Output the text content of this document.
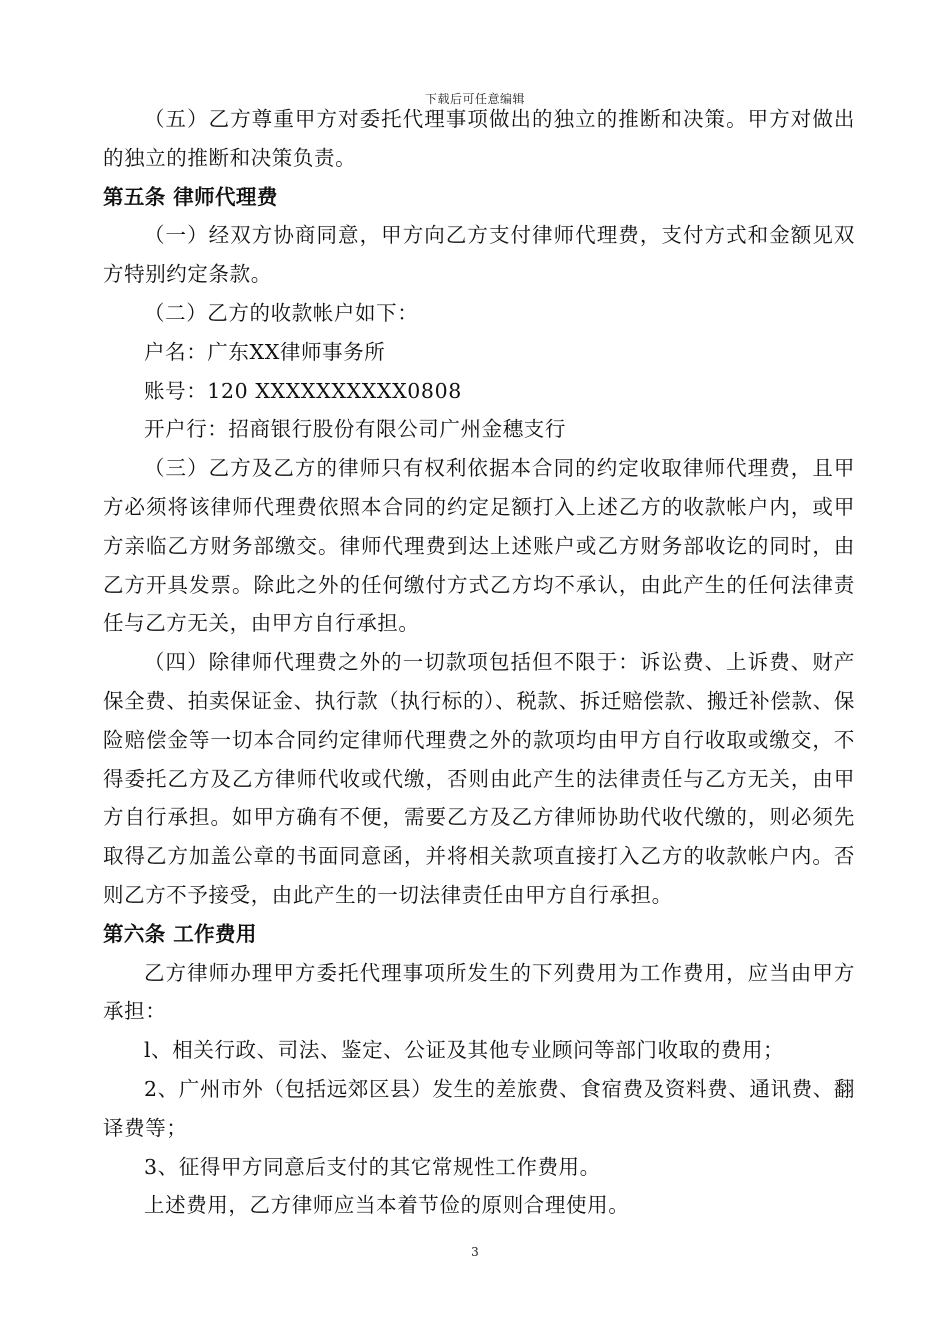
下载后可任意编辑

（五）乙方尊重甲方对委托代理事项做出的独立的推断和决策。甲方对做出的独立的推断和决策负责。

第五条 律师代理费

（一）经双方协商同意，甲方向乙方支付律师代理费，支付方式和金额见双方特别约定条款。

（二）乙方的收款帐户如下：

户名：广东XX律师事务所

账号：120 XXXXXXXXXX0808

开户行：招商银行股份有限公司广州金穗支行

（三）乙方及乙方的律师只有权利依据本合同的约定收取律师代理费，且甲方必须将该律师代理费依照本合同的约定足额打入上述乙方的收款帐户内，或甲方亲临乙方财务部缴交。律师代理费到达上述账户或乙方财务部收讫的同时，由乙方开具发票。除此之外的任何缴付方式乙方均不承认，由此产生的任何法律责任与乙方无关，由甲方自行承担。

（四）除律师代理费之外的一切款项包括但不限于：诉讼费、上诉费、财产保全费、拍卖保证金、执行款（执行标的）、税款、拆迁赔偿款、搬迁补偿款、保险赔偿金等一切本合同约定律师代理费之外的款项均由甲方自行收取或缴交，不得委托乙方及乙方律师代收或代缴，否则由此产生的法律责任与乙方无关，由甲方自行承担。如甲方确有不便，需要乙方及乙方律师协助代收代缴的，则必须先取得乙方加盖公章的书面同意函，并将相关款项直接打入乙方的收款帐户内。否则乙方不予接受，由此产生的一切法律责任由甲方自行承担。

第六条 工作费用

乙方律师办理甲方委托代理事项所发生的下列费用为工作费用，应当由甲方承担：

l、相关行政、司法、鉴定、公证及其他专业顾问等部门收取的费用；

2、广州市外（包括远郊区县）发生的差旅费、食宿费及资料费、通讯费、翻译费等；

3、征得甲方同意后支付的其它常规性工作费用。

上述费用，乙方律师应当本着节俭的原则合理使用。

3
